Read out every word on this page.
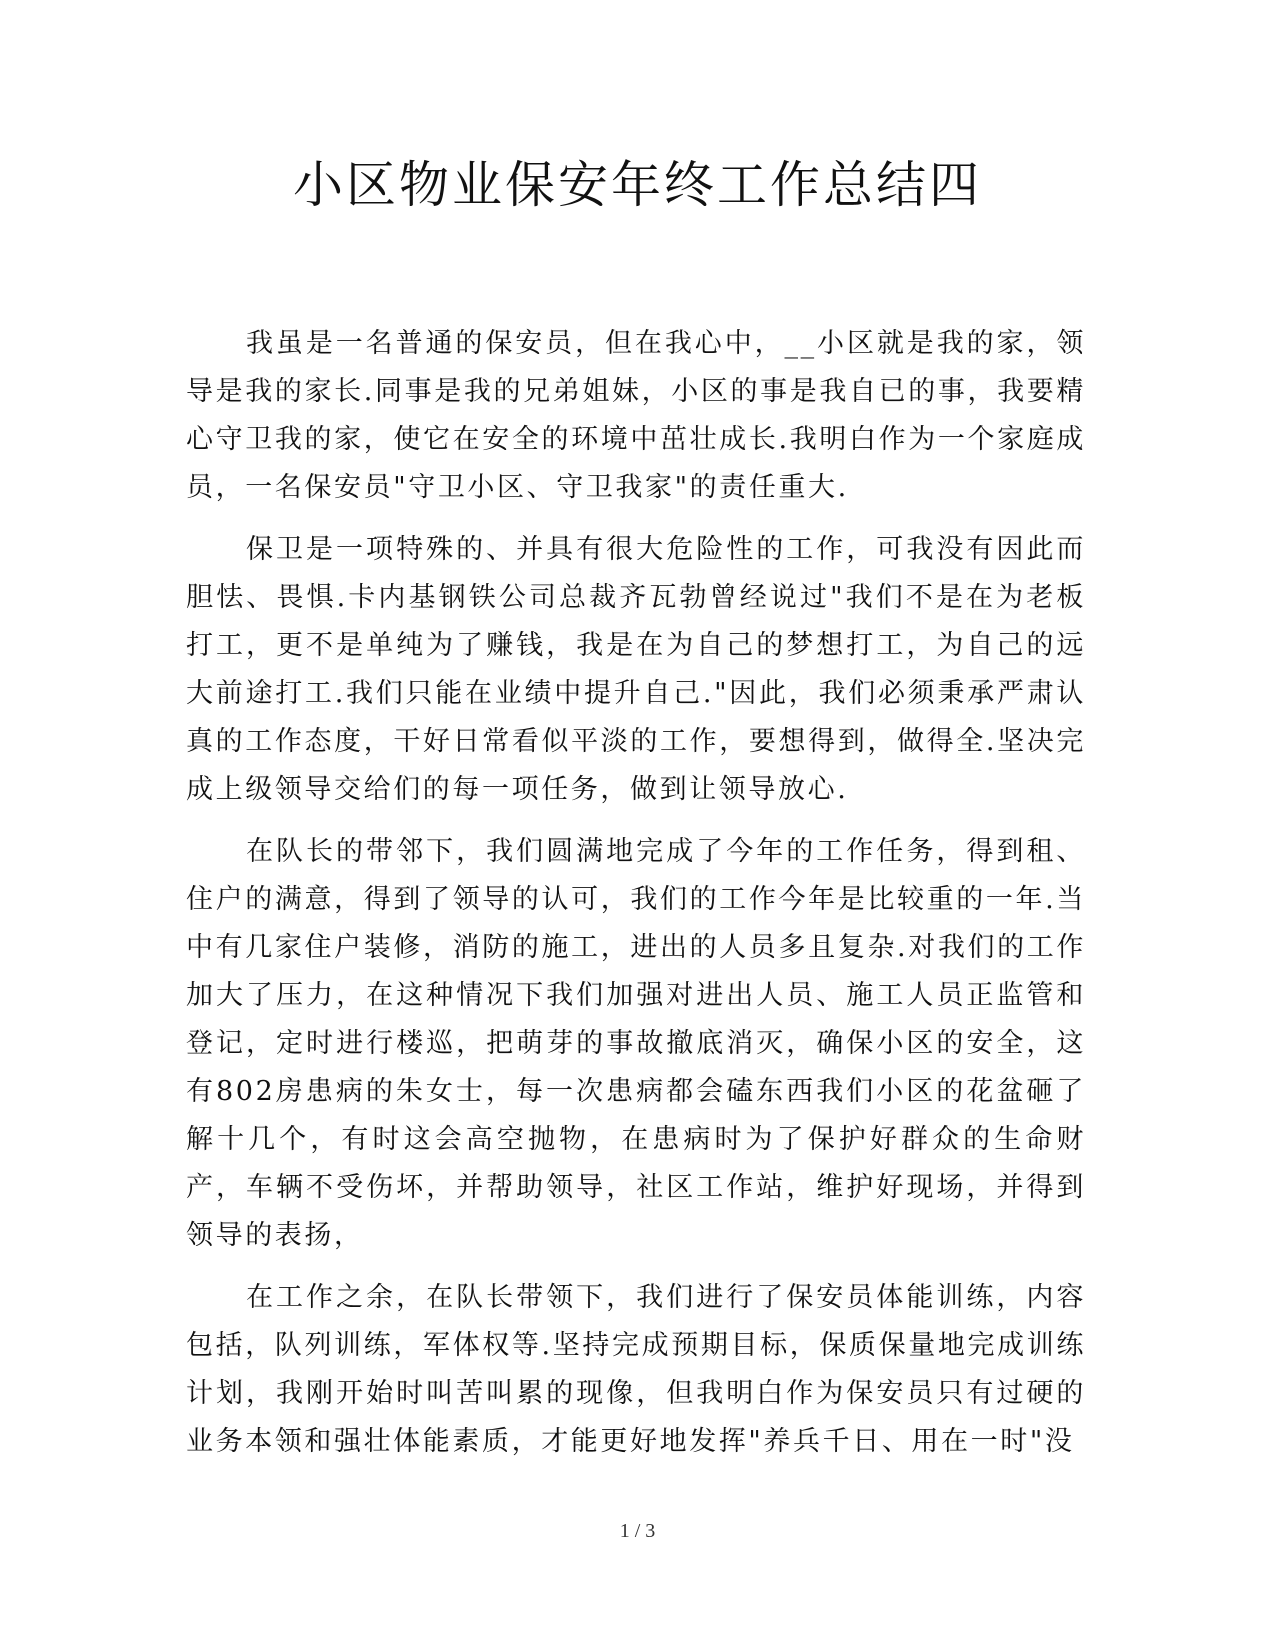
小区物业保安年终工作总结四

我虽是一名普通的保安员，但在我心中，__小区就是我的家，领导是我的家长.同事是我的兄弟姐妹，小区的事是我自已的事，我要精心守卫我的家，使它在安全的环境中茁壮成长.我明白作为一个家庭成员，一名保安员"守卫小区、守卫我家"的责任重大.

保卫是一项特殊的、并具有很大危险性的工作，可我没有因此而胆怯、畏惧.卡内基钢铁公司总裁齐瓦勃曾经说过"我们不是在为老板打工，更不是单纯为了赚钱，我是在为自己的梦想打工，为自己的远大前途打工.我们只能在业绩中提升自己."因此，我们必须秉承严肃认真的工作态度，干好日常看似平淡的工作，要想得到，做得全.坚决完成上级领导交给们的每一项任务，做到让领导放心.

在队长的带邻下，我们圆满地完成了今年的工作任务，得到租、住户的满意，得到了领导的认可，我们的工作今年是比较重的一年.当中有几家住户装修，消防的施工，进出的人员多且复杂.对我们的工作加大了压力，在这种情况下我们加强对进出人员、施工人员正监管和登记，定时进行楼巡，把萌芽的事故撤底消灭，确保小区的安全，这有802房患病的朱女士，每一次患病都会磕东西我们小区的花盆砸了解十几个，有时这会高空抛物，在患病时为了保护好群众的生命财产，车辆不受伤坏，并帮助领导，社区工作站，维护好现场，并得到领导的表扬，

在工作之余，在队长带领下，我们进行了保安员体能训练，内容包括，队列训练，军体权等.坚持完成预期目标，保质保量地完成训练计划，我刚开始时叫苦叫累的现像，但我明白作为保安员只有过硬的业务本领和强壮体能素质，才能更好地发挥"养兵千日、用在一时"没

1 / 3
